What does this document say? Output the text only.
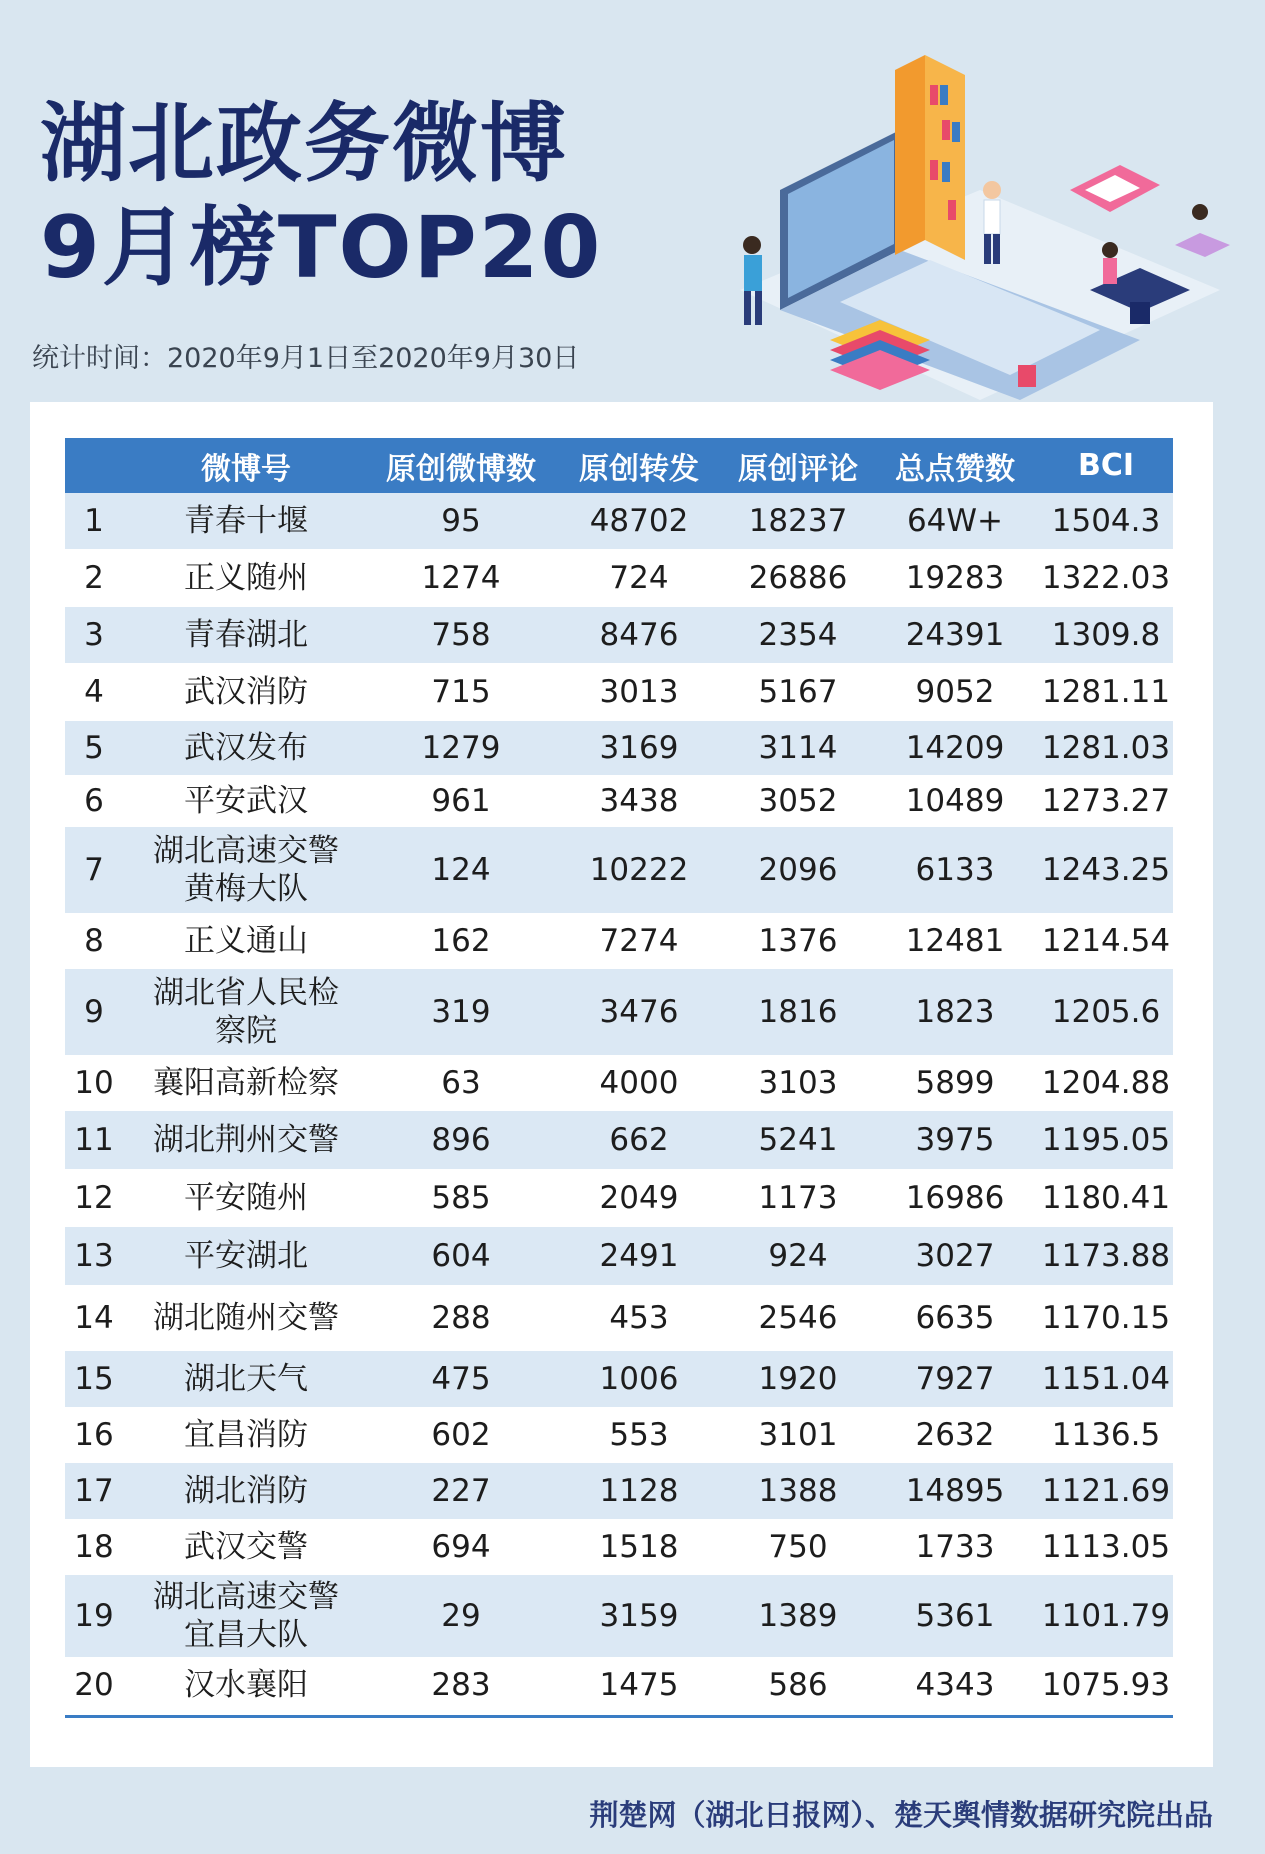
湖北政务微博
9月榜TOP20
统计时间：2020年9月1日至2020年9月30日
	微博号	原创微博数	原创转发	原创评论	总点赞数	BCI
1	青春十堰	95	48702	18237	64W+	1504.3
2	正义随州	1274	724	26886	19283	1322.03
3	青春湖北	758	8476	2354	24391	1309.8
4	武汉消防	715	3013	5167	9052	1281.11
5	武汉发布	1279	3169	3114	14209	1281.03
6	平安武汉	961	3438	3052	10489	1273.27
7	湖北高速交警
黄梅大队	124	10222	2096	6133	1243.25
8	正义通山	162	7274	1376	12481	1214.54
9	湖北省人民检
察院	319	3476	1816	1823	1205.6
10	襄阳高新检察	63	4000	3103	5899	1204.88
11	湖北荆州交警	896	662	5241	3975	1195.05
12	平安随州	585	2049	1173	16986	1180.41
13	平安湖北	604	2491	924	3027	1173.88
14	湖北随州交警	288	453	2546	6635	1170.15
15	湖北天气	475	1006	1920	7927	1151.04
16	宜昌消防	602	553	3101	2632	1136.5
17	湖北消防	227	1128	1388	14895	1121.69
18	武汉交警	694	1518	750	1733	1113.05
19	湖北高速交警
宜昌大队	29	3159	1389	5361	1101.79
20	汉水襄阳	283	1475	586	4343	1075.93
荆楚网（湖北日报网）、楚天舆情数据研究院出品
